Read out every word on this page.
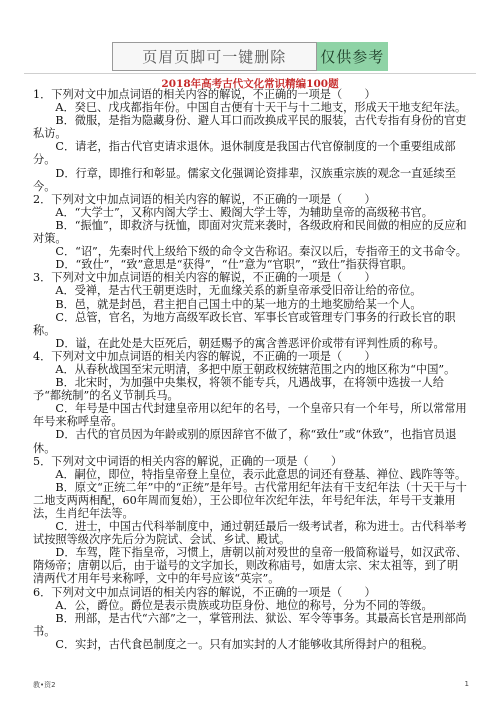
页眉页脚可一键删除	仅供参考
2018年高考古代文化常识精编100题

1．下列对文中加点词语的相关内容的解说，不正确的一项是（　　）

A．癸巳、戊戌都指年份。中国自古便有十天干与十二地支，形成天干地支纪年法。

B．微服，是指为隐藏身份、避人耳口而改换成平民的服装，古代专指有身份的官吏私访。

C．请老，指古代官吏请求退休。退休制度是我国古代官僚制度的一个重要组成部分。

D．行章，即推行和彰显。儒家文化强调论资排辈，汉族重宗族的观念一直延续至今。

2．下列对文中加点词语的相关内容的解说，不正确的一项是（　　）

A．“大学士”，又称内阁大学士、殿阁大学士等，为辅助皇帝的高级秘书官。

B．“振恤”，即救济与抚恤，即面对灾荒来袭时，各级政府和民间做的相应的反应和对策。

C．“诏”，先秦时代上级给下级的命令文告称诏。秦汉以后，专指帝王的文书命令。

D．“致仕”，“致”意思是“获得”，“仕”意为“官职”，“致仕”指获得官职。

3．下列对文中加点词语的相关内容的解说，不正确的一项是（　　）

A．受禅，是古代王朝更迭时，无血缘关系的新皇帝承受旧帝让给的帝位。

B．邑，就是封邑，君主把自己国土中的某一地方的土地奖励给某一个人。

C．总管，官名，为地方高级军政长官、军事长官或管理专门事务的行政长官的职称。

D．谥，在此处是大臣死后，朝廷赐予的寓含善恶评价或带有评判性质的称号。

4．下列对文中加点词语的相关内容的解说，不正确的一项是（　　）

A．从春秋战国至宋元明清，多把中原王朝政权统辖范围之内的地区称为“中国”。

B．北宋时，为加强中央集权，将领不能专兵，凡遇战事，在将领中选拔一人给予“都统制”的名义节制兵马。

C．年号是中国古代封建皇帝用以纪年的名号，一个皇帝只有一个年号，所以常常用年号来称呼皇帝。

D．古代的官员因为年龄或别的原因辞官不做了，称“致仕”或“休致”，也指官员退休。

5．下列对文中词语的相关内容的解说，正确的一项是（　　）

A．嗣位，即位，特指皇帝登上皇位，表示此意思的词还有登基、禅位、践阼等等。

B．原文“正统二年”中的“正统”是年号。古代常用纪年法有干支纪年法（十天干与十二地支两两相配，60年周而复始），王公即位年次纪年法，年号纪年法，年号干支兼用法，生肖纪年法等。

C．进士，中国古代科举制度中，通过朝廷最后一级考试者，称为进士。古代科举考试按照等级次序先后分为院试、会试、乡试、殿试。

D．车驾，陛下指皇帝，习惯上，唐朝以前对殁世的皇帝一般简称谥号，如汉武帝、隋炀帝；唐朝以后，由于谥号的文字加长，则改称庙号，如唐太宗、宋太祖等，到了明清两代才用年号来称呼，文中的年号应该“英宗”。

6．下列对文中加点词语的相关内容的解说，不正确的一项是（　　）

A．公，爵位。爵位是表示贵族或功臣身份、地位的称号，分为不同的等级。

B．刑部，是古代“六部”之一，掌管刑法、狱讼、军令等事务。其最高长官是刑部尚书。

C．实封，古代食邑制度之一。只有加实封的人才能够收其所得封户的租税。

教•资2	1
